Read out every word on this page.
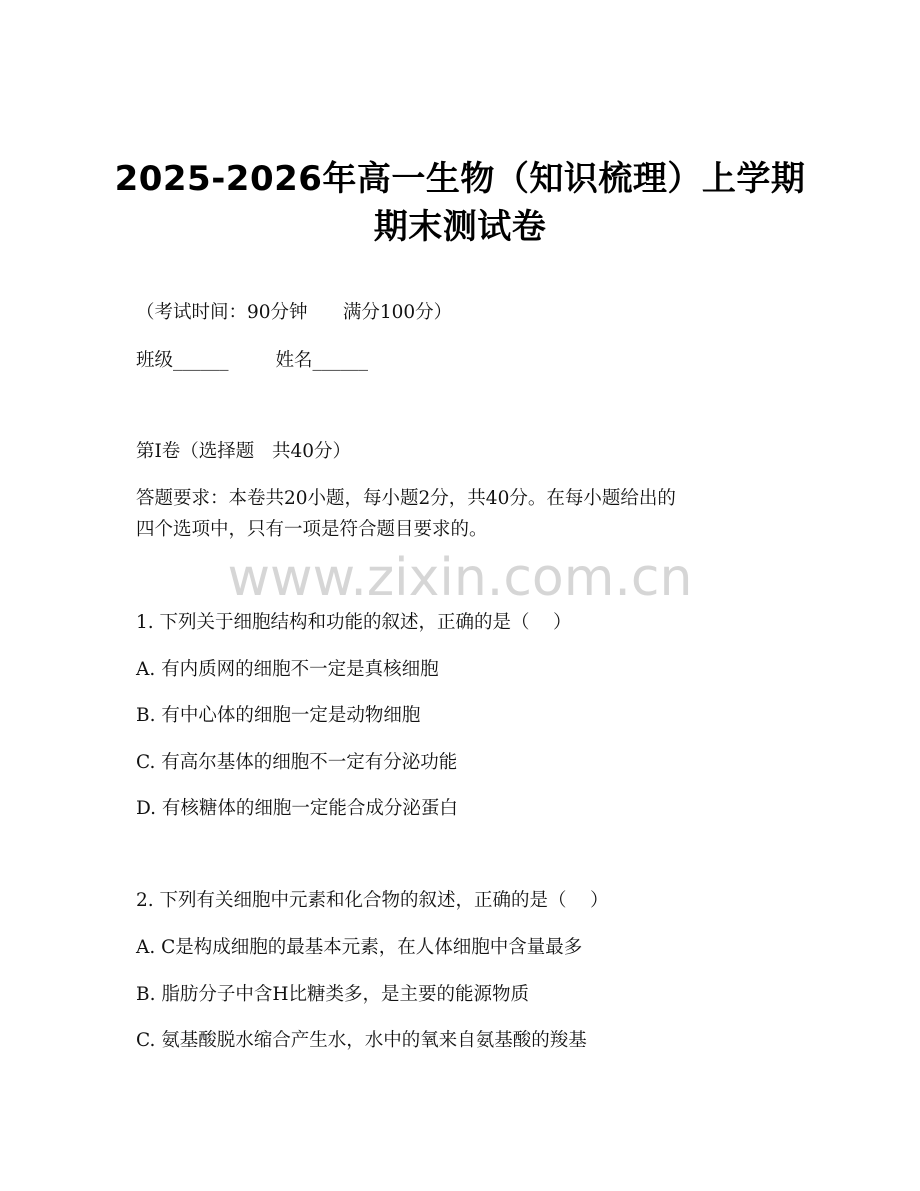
2025-2026年高一生物（知识梳理）上学期
期末测试卷
（考试时间：90分钟      满分100分）
班级______        姓名______
第I卷（选择题   共40分）
答题要求：本卷共20小题，每小题2分，共40分。在每小题给出的
四个选项中，只有一项是符合题目要求的。
www.zixin.com.cn
1. 下列关于细胞结构和功能的叙述，正确的是（    ）
A. 有内质网的细胞不一定是真核细胞
B. 有中心体的细胞一定是动物细胞
C. 有高尔基体的细胞不一定有分泌功能
D. 有核糖体的细胞一定能合成分泌蛋白
2. 下列有关细胞中元素和化合物的叙述，正确的是（    ）
A. C是构成细胞的最基本元素，在人体细胞中含量最多
B. 脂肪分子中含H比糖类多，是主要的能源物质
C. 氨基酸脱水缩合产生水，水中的氧来自氨基酸的羧基
